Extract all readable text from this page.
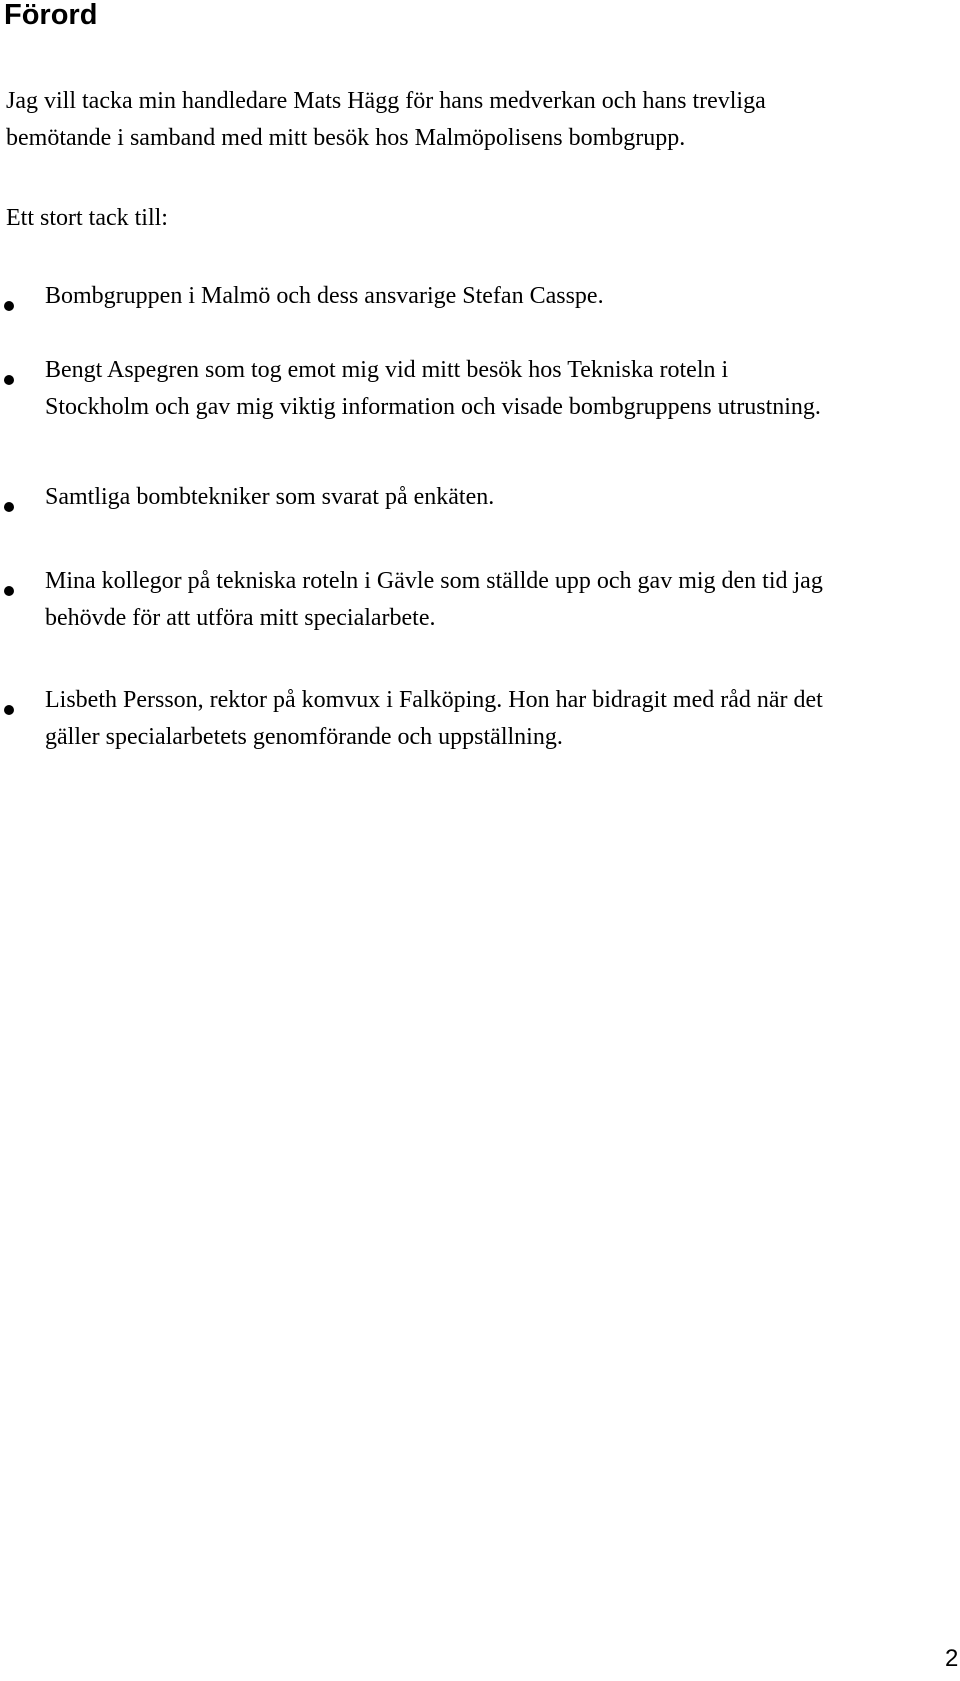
Förord

Jag vill tacka min handledare Mats Hägg för hans medverkan och hans trevliga
bemötande i samband med mitt besök hos Malmöpolisens bombgrupp.

Ett stort tack till:

Bombgruppen i Malmö och dess ansvarige Stefan Casspe.

Bengt Aspegren som tog emot mig vid mitt besök hos Tekniska roteln i
Stockholm och gav mig viktig information och visade bombgruppens utrustning.

Samtliga bombtekniker som svarat på enkäten.

Mina kollegor på tekniska roteln i Gävle som ställde upp och gav mig den tid jag
behövde för att utföra mitt specialarbete.

Lisbeth Persson, rektor på komvux i Falköping. Hon har bidragit med råd när det
gäller specialarbetets genomförande och uppställning.

2
